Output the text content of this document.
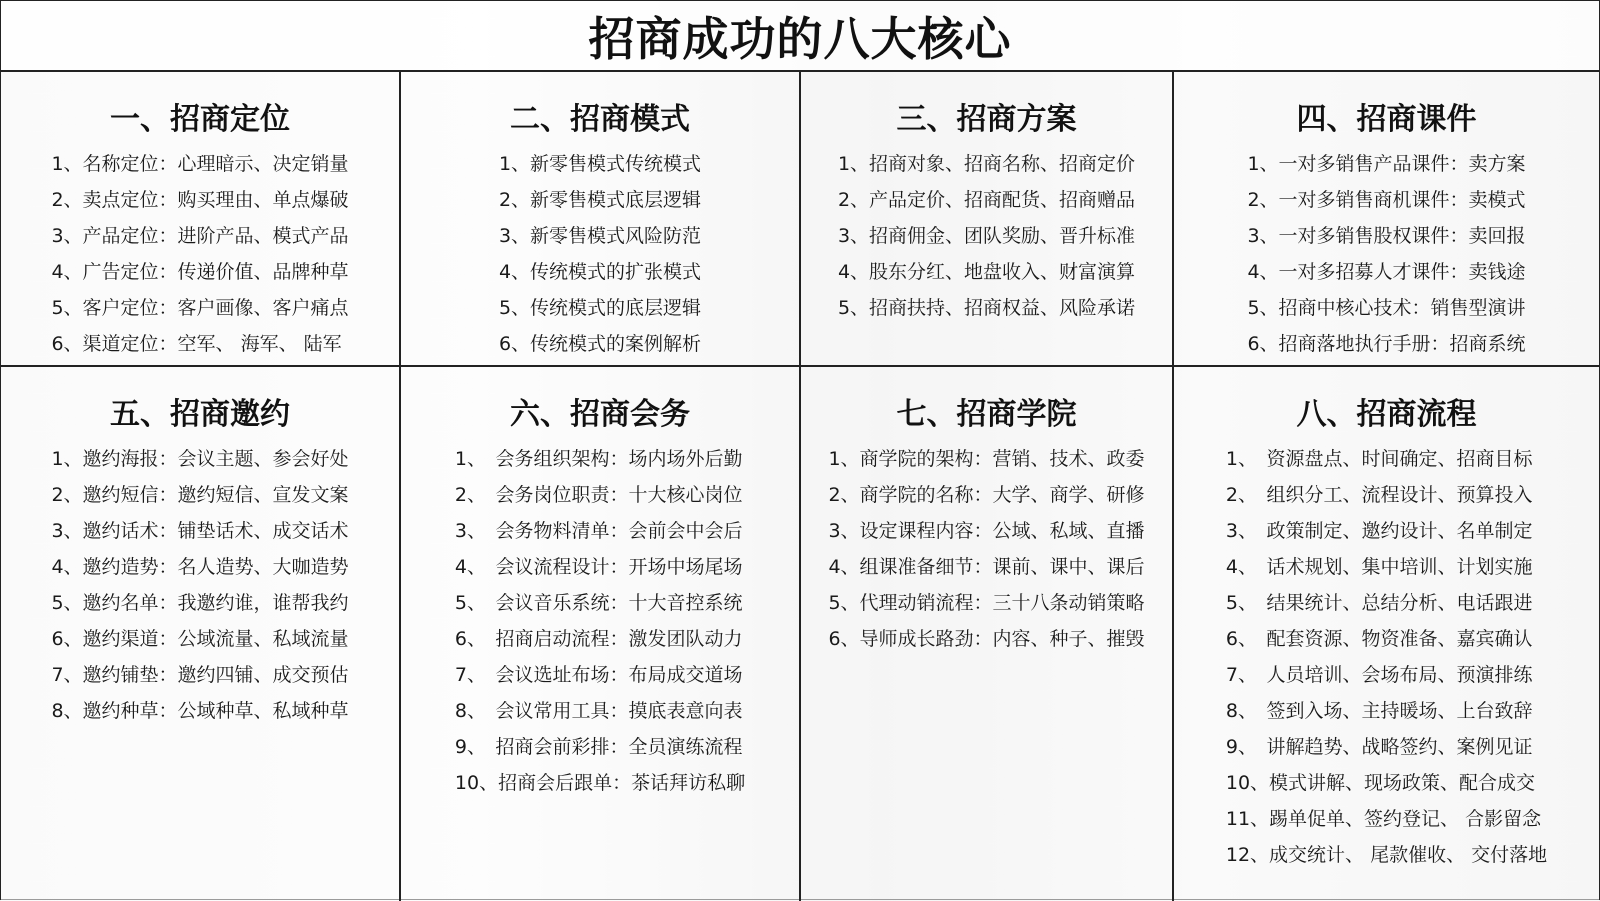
招商成功的八大核心
一、招商定位
1、名称定位：心理暗示、决定销量
2、卖点定位：购买理由、单点爆破
3、产品定位：进阶产品、模式产品
4、广告定位：传递价值、品牌种草
5、客户定位：客户画像、客户痛点
6、渠道定位：空军、 海军、 陆军
二、招商模式
1、新零售模式传统模式
2、新零售模式底层逻辑
3、新零售模式风险防范
4、传统模式的扩张模式
5、传统模式的底层逻辑
6、传统模式的案例解析
三、招商方案
1、招商对象、招商名称、招商定价
2、产品定价、招商配货、招商赠品
3、招商佣金、团队奖励、晋升标准
4、股东分红、地盘收入、财富演算
5、招商扶持、招商权益、风险承诺
四、招商课件
1、一对多销售产品课件：卖方案
2、一对多销售商机课件：卖模式
3、一对多销售股权课件：卖回报
4、一对多招募人才课件：卖钱途
5、招商中核心技术：销售型演讲
6、招商落地执行手册：招商系统
五、招商邀约
1、邀约海报：会议主题、参会好处
2、邀约短信：邀约短信、宣发文案
3、邀约话术：铺垫话术、成交话术
4、邀约造势：名人造势、大咖造势
5、邀约名单：我邀约谁，谁帮我约
6、邀约渠道：公域流量、私域流量
7、邀约铺垫：邀约四铺、成交预估
8、邀约种草：公域种草、私域种草
六、招商会务
1、　会务组织架构：场内场外后勤
2、　会务岗位职责：十大核心岗位
3、　会务物料清单：会前会中会后
4、　会议流程设计：开场中场尾场
5、　会议音乐系统：十大音控系统
6、　招商启动流程：激发团队动力
7、　会议选址布场：布局成交道场
8、　会议常用工具：摸底表意向表
9、　招商会前彩排：全员演练流程
10、招商会后跟单：茶话拜访私聊
七、招商学院
1、商学院的架构：营销、技术、政委
2、商学院的名称：大学、商学、研修
3、设定课程内容：公域、私域、直播
4、组课准备细节：课前、课中、课后
5、代理动销流程：三十八条动销策略
6、导师成长路劲：内容、种子、摧毁
八、招商流程
1、　资源盘点、时间确定、招商目标
2、　组织分工、流程设计、预算投入
3、　政策制定、邀约设计、名单制定
4、　话术规划、集中培训、计划实施
5、　结果统计、总结分析、电话跟进
6、　配套资源、物资准备、嘉宾确认
7、　人员培训、会场布局、预演排练
8、　签到入场、主持暖场、上台致辞
9、　讲解趋势、战略签约、案例见证
10、模式讲解、现场政策、配合成交
11、踢单促单、签约登记、 合影留念
12、成交统计、 尾款催收、 交付落地
